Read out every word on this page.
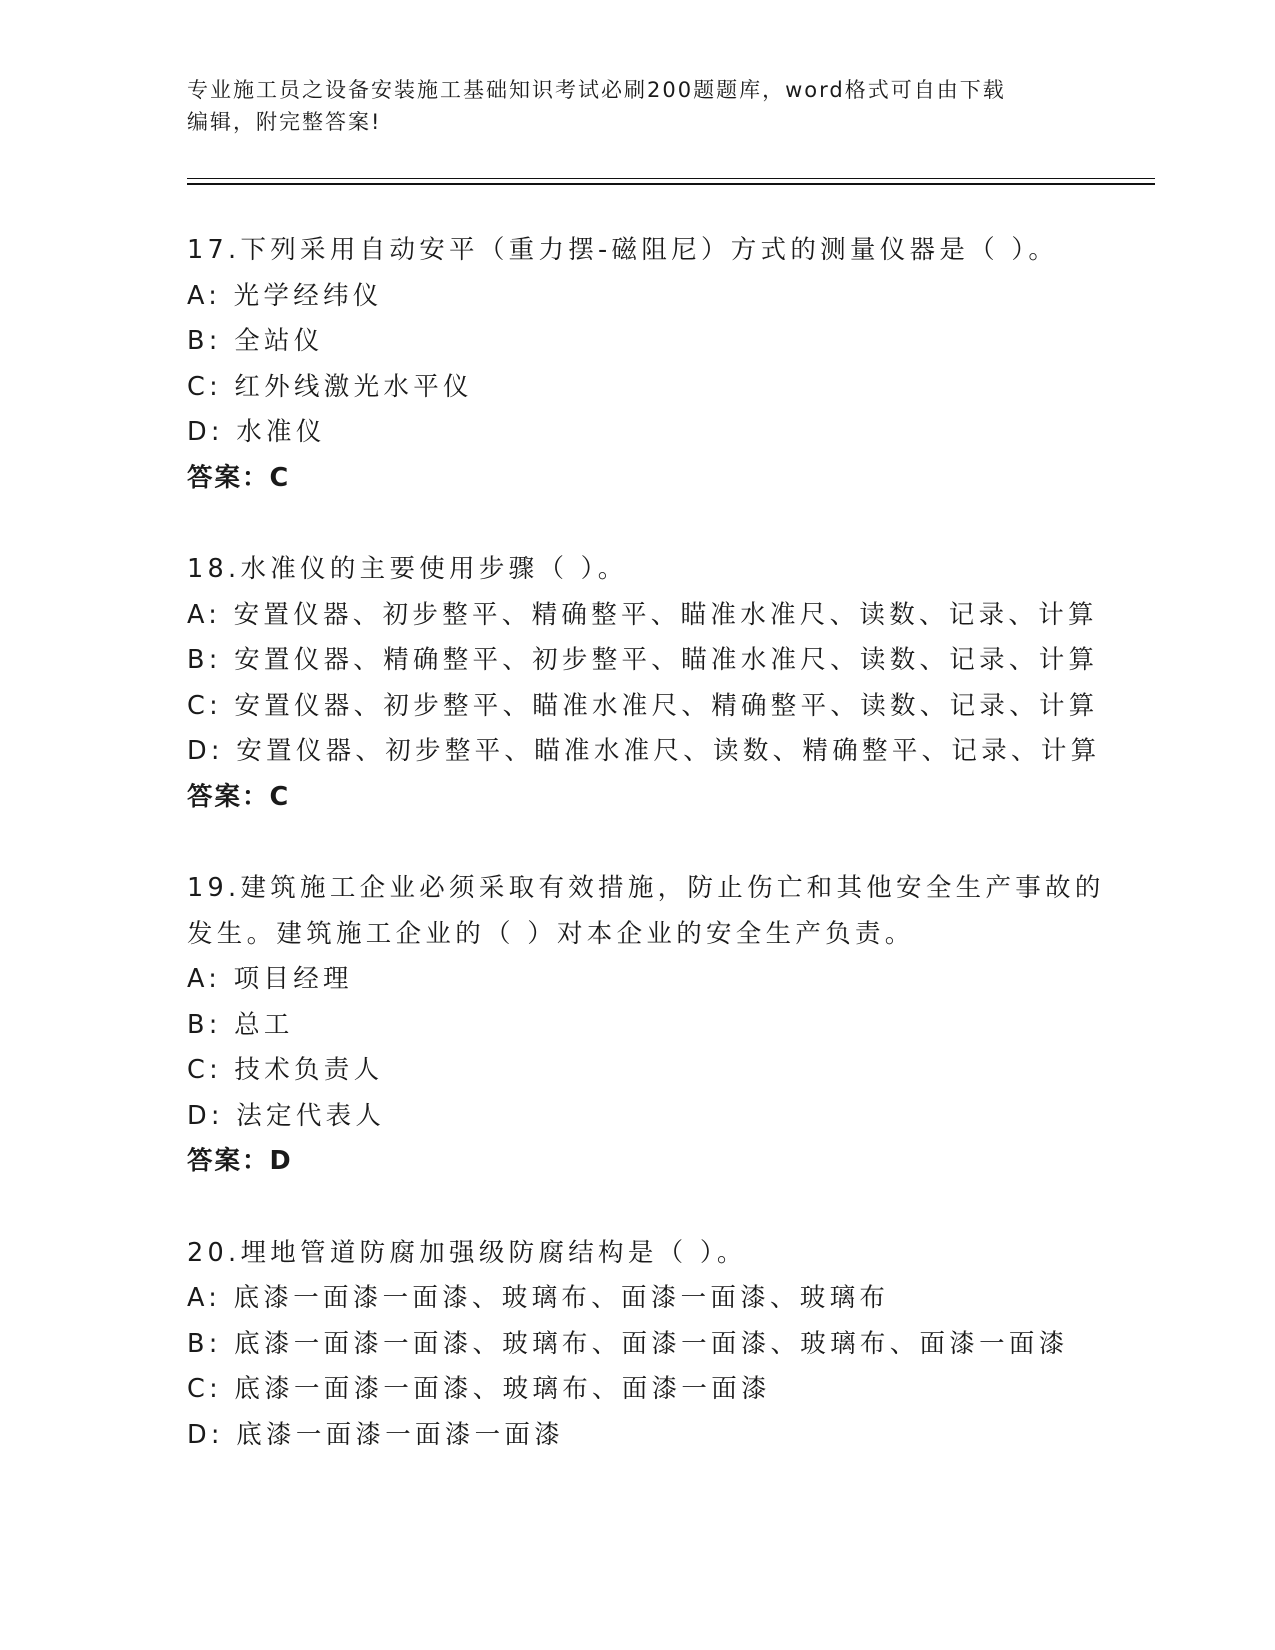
专业施工员之设备安装施工基础知识考试必刷200题题库，word格式可自由下载
编辑，附完整答案!
17.下列采用自动安平（重力摆-磁阻尼）方式的测量仪器是（ ）。
A: 光学经纬仪
B: 全站仪
C: 红外线激光水平仪
D: 水准仪
答案：C
18.水准仪的主要使用步骤（ ）。
A: 安置仪器、初步整平、精确整平、瞄准水准尺、读数、记录、计算
B: 安置仪器、精确整平、初步整平、瞄准水准尺、读数、记录、计算
C: 安置仪器、初步整平、瞄准水准尺、精确整平、读数、记录、计算
D: 安置仪器、初步整平、瞄准水准尺、读数、精确整平、记录、计算
答案：C
19.建筑施工企业必须采取有效措施，防止伤亡和其他安全生产事故的
发生。建筑施工企业的（ ）对本企业的安全生产负责。
A: 项目经理
B: 总工
C: 技术负责人
D: 法定代表人
答案：D
20.埋地管道防腐加强级防腐结构是（ ）。
A: 底漆一面漆一面漆、玻璃布、面漆一面漆、玻璃布
B: 底漆一面漆一面漆、玻璃布、面漆一面漆、玻璃布、面漆一面漆
C: 底漆一面漆一面漆、玻璃布、面漆一面漆
D: 底漆一面漆一面漆一面漆
